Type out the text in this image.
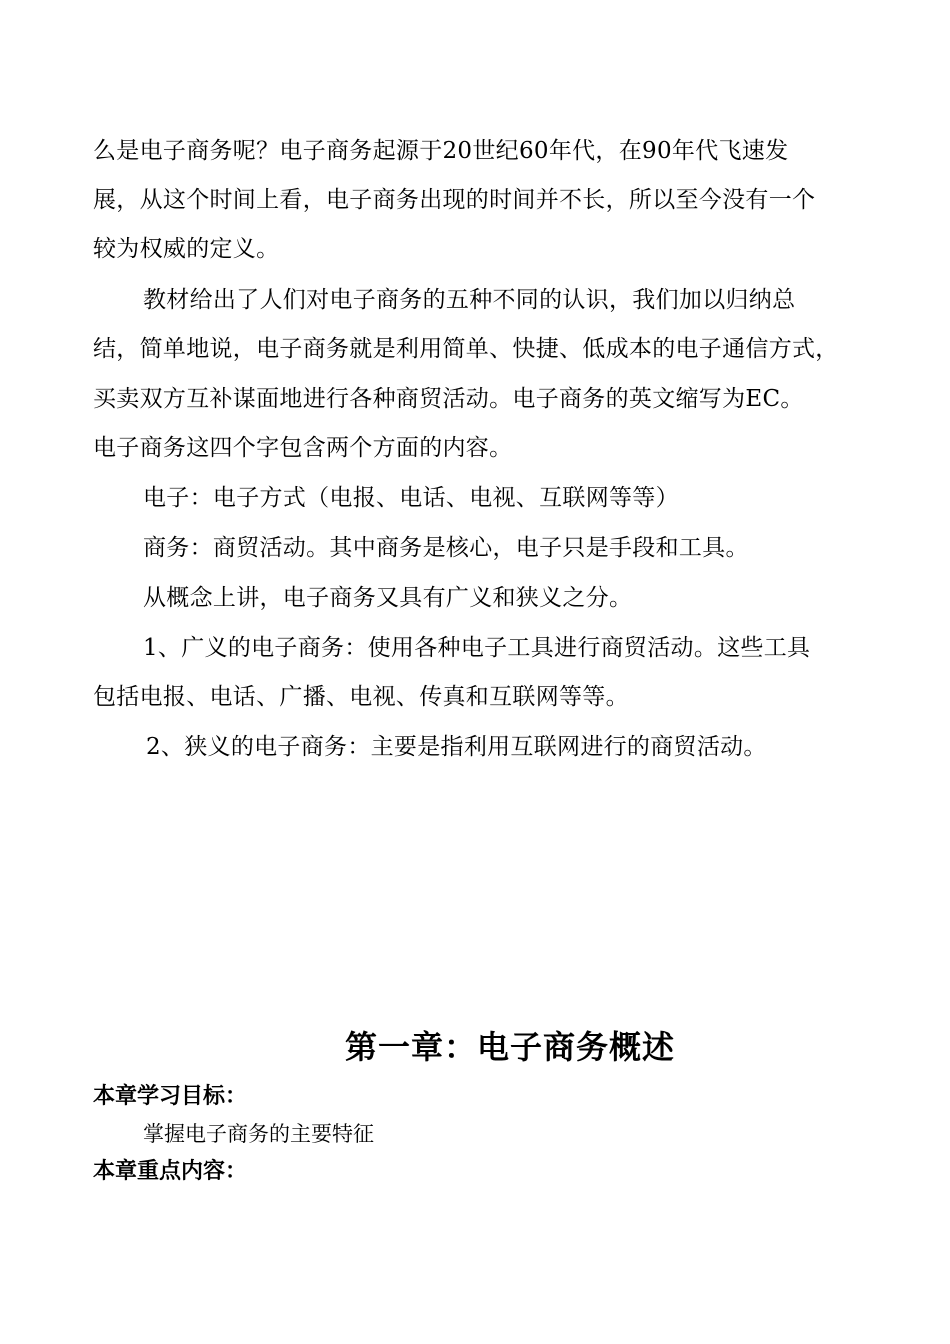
么是电子商务呢？电子商务起源于20世纪60年代，在90年代飞速发
展，从这个时间上看，电子商务出现的时间并不长，所以至今没有一个
较为权威的定义。
教材给出了人们对电子商务的五种不同的认识，我们加以归纳总
结，简单地说，电子商务就是利用简单、快捷、低成本的电子通信方式，
买卖双方互补谋面地进行各种商贸活动。电子商务的英文缩写为EC。
电子商务这四个字包含两个方面的内容。
电子：电子方式（电报、电话、电视、互联网等等）
商务：商贸活动。其中商务是核心，电子只是手段和工具。
从概念上讲，电子商务又具有广义和狭义之分。
1、广义的电子商务：使用各种电子工具进行商贸活动。这些工具
包括电报、电话、广播、电视、传真和互联网等等。
2、狭义的电子商务：主要是指利用互联网进行的商贸活动。
第一章：电子商务概述
本章学习目标：
掌握电子商务的主要特征
本章重点内容：
